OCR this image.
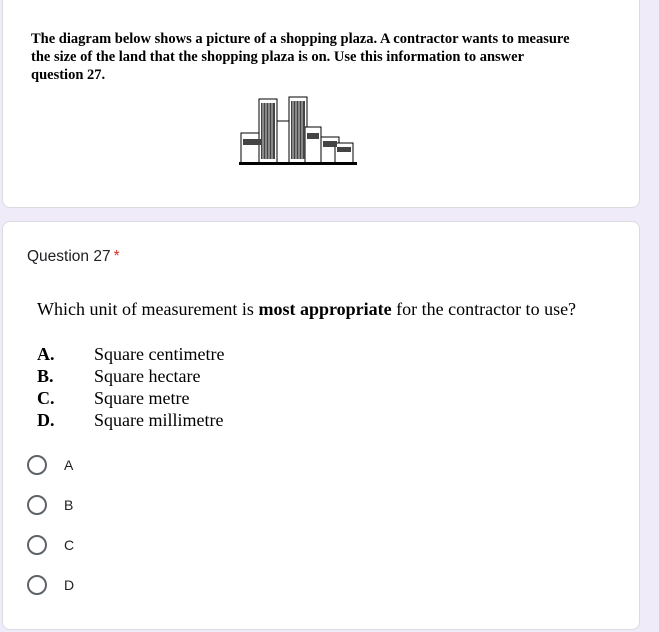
The diagram below shows a picture of a shopping plaza. A contractor wants to measure

the size of the land that the shopping plaza is on. Use this information to answer

question 27.

Question 27 *
Which unit of measurement is most appropriate for the contractor to use?
A.	Square centimetre
B.	Square hectare
C.	Square metre
D.	Square millimetre
A
B
C
D
